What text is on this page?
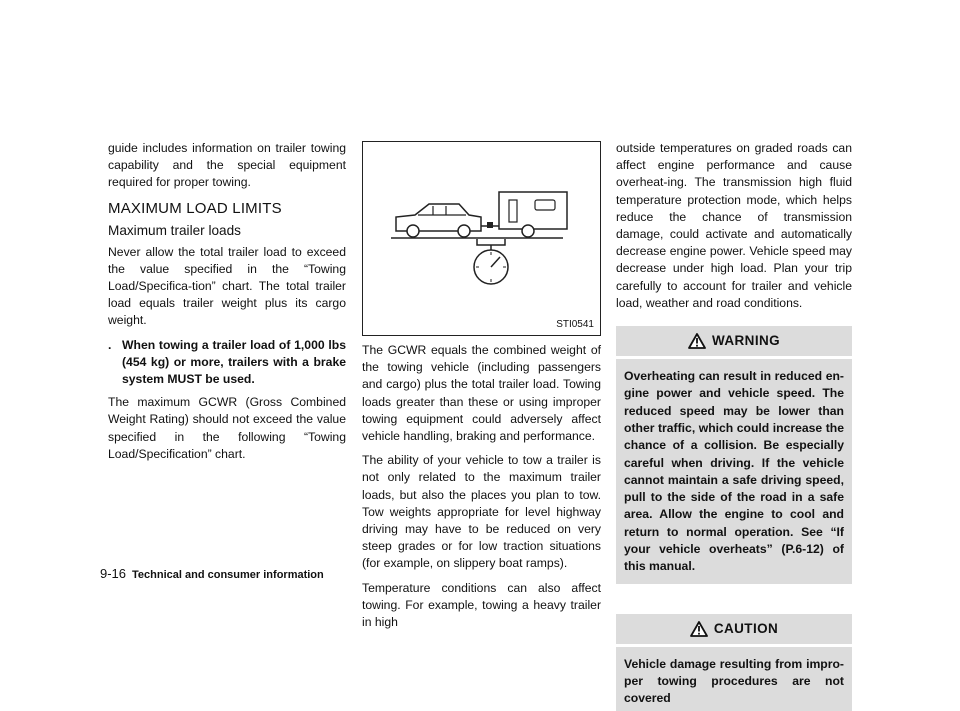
guide includes information on trailer towing capability and the special equipment required for proper towing.

MAXIMUM LOAD LIMITS
Maximum trailer loads

Never allow the total trailer load to exceed the value specified in the “Towing Load/Specifica-tion” chart. The total trailer load equals trailer weight plus its cargo weight.

. When towing a trailer load of 1,000 lbs (454 kg) or more, trailers with a brake system MUST be used.

The maximum GCWR (Gross Combined Weight Rating) should not exceed the value specified in the following “Towing Load/Specification” chart.

STI0541

The GCWR equals the combined weight of the towing vehicle (including passengers and cargo) plus the total trailer load. Towing loads greater than these or using improper towing equipment could adversely affect vehicle handling, braking and performance.

The ability of your vehicle to tow a trailer is not only related to the maximum trailer loads, but also the places you plan to tow. Tow weights appropriate for level highway driving may have to be reduced on very steep grades or for low traction situations (for example, on slippery boat ramps).

Temperature conditions can also affect towing. For example, towing a heavy trailer in high

outside temperatures on graded roads can affect engine performance and cause overheat-ing. The transmission high fluid temperature protection mode, which helps reduce the chance of transmission damage, could activate and automatically decrease engine power. Vehicle speed may decrease under high load. Plan your trip carefully to account for trailer and vehicle load, weather and road conditions.

WARNING
Overheating can result in reduced en-gine power and vehicle speed. The reduced speed may be lower than other traffic, which could increase the chance of a collision. Be especially careful when driving. If the vehicle cannot maintain a safe driving speed, pull to the side of the road in a safe area. Allow the engine to cool and return to normal operation. See “If your vehicle overheats” (P.6-12) of this manual.
CAUTION
Vehicle damage resulting from impro-per towing procedures are not covered
9-16 Technical and consumer information
